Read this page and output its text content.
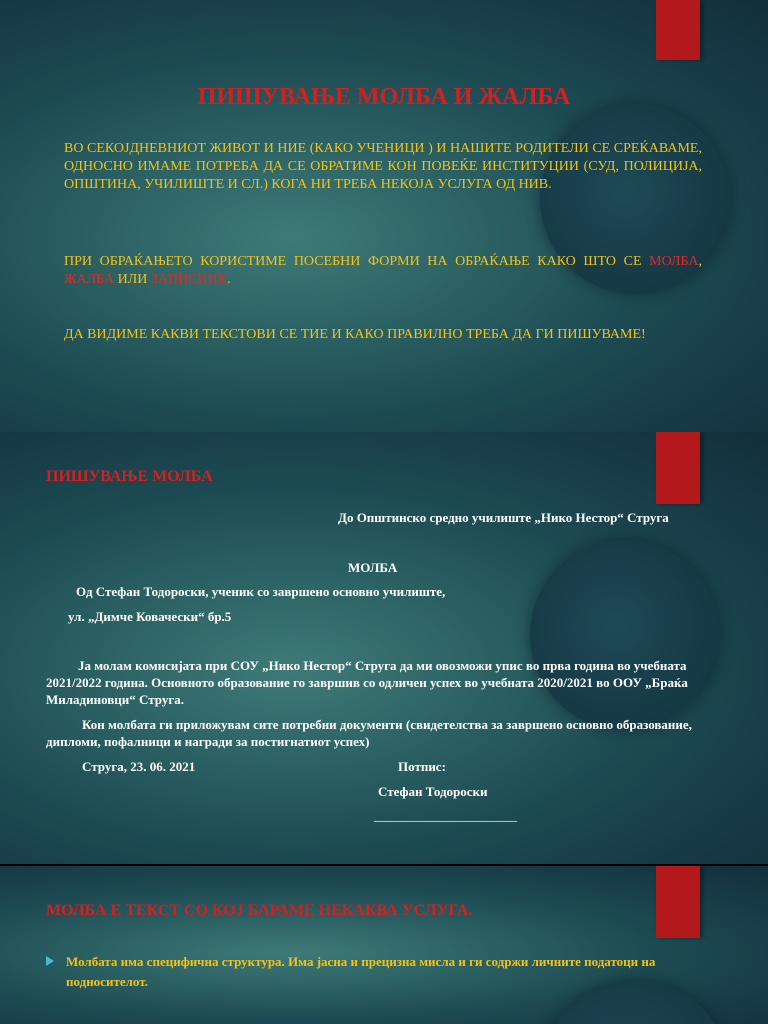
ПИШУВАЊЕ МОЛБА И ЖАЛБА
ВО СЕКОЈДНЕВНИОТ ЖИВОТ И НИЕ (КАКО УЧЕНИЦИ ) И НАШИТЕ РОДИТЕЛИ СЕ СРЕЌАВАМЕ, ОДНОСНО ИМАМЕ ПОТРЕБА ДА СЕ ОБРАТИМЕ КОН ПОВЕЌЕ ИНСТИТУЦИИ (СУД, ПОЛИЦИЈА, ОПШТИНА, УЧИЛИШТЕ И СЛ.) КОГА НИ ТРЕБА НЕКОЈА УСЛУГА ОД НИВ.
ПРИ ОБРАЌАЊЕТО КОРИСТИМЕ ПОСЕБНИ ФОРМИ НА ОБРАЌАЊЕ КАКО ШТО СЕ МОЛБА, ЖАЛБА ИЛИ ЗАПИСНИК.
ДА ВИДИМЕ КАКВИ ТЕКСТОВИ СЕ ТИЕ И КАКО ПРАВИЛНО ТРЕБА ДА ГИ ПИШУВАМЕ!
ПИШУВАЊЕ МОЛБА
До Општинско средно училиште „Нико Нестор“ Струга
МОЛБА
Од Стефан Тодороски, ученик со завршено основно училиште,
ул. „Димче Ковачески“ бр.5
Ја молам комисијата при СОУ „Нико Нестор“ Струга да ми овозможи упис во прва година во учебната 2021/2022 година. Основното образование го завршив со одличен успех во учебната 2020/2021 во ООУ „Браќа Миладиновци“ Струга.
Кон молбата ги приложувам сите потребни документи (свидетелства за завршено основно образование, дипломи, пофалници и награди за постигнатиот успех)
Струга, 23. 06. 2021	Потпис:
Стефан Тодороски
______________________
МОЛБА Е ТЕКСТ СО КОЈ БАРАМЕ НЕКАКВА УСЛУГА.
Молбата има специфична структура. Има јасна и прецизна мисла и ги содржи личните податоци на подносителот.
